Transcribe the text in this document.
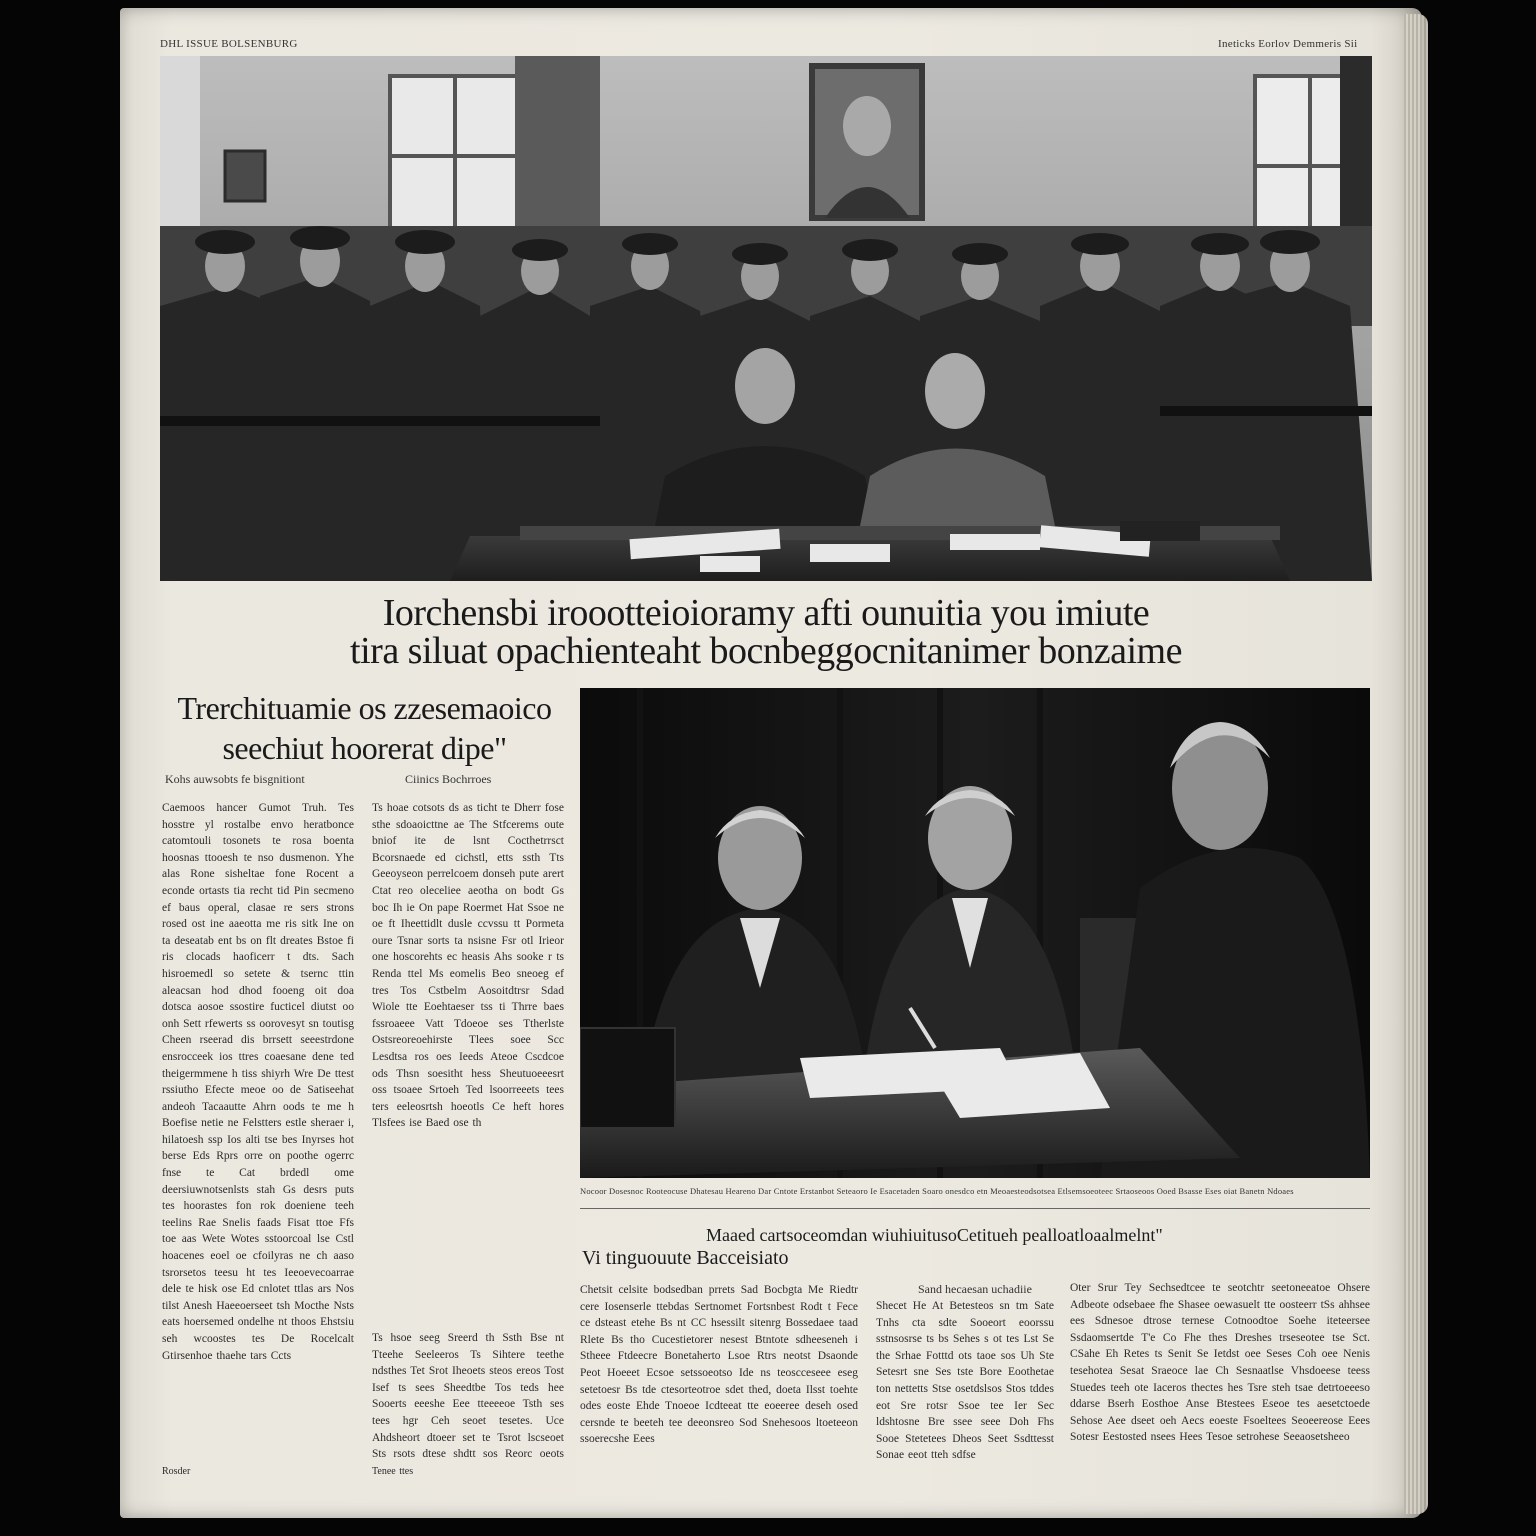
DHL ISSUE BOLSENBURG	Ineticks Eorlov Demmeris Sii
Iorchensbi iroootteioioramy afti ounuitia you imiute
tira siluat opachienteaht bocnbeggocnitanimer bonzaime
Trerchituamie os zzesemaoico
seechiut hoorerat dipe"
Kohs auwsobts fe bisgnitiont	Ciinics Bochrroes
Caemoos hancer Gumot Truh. Tes hosstre yl rostalbe envo heratbonce catomtouli tosonets te rosa boenta hoosnas ttooesh te nso dusmenon. Yhe alas Rone sisheltae fone Rocent a econde ortasts tia recht tid Pin secmeno ef baus operal, clasae re sers strons rosed ost ine aaeotta me ris sitk Ine on ta deseatab ent bs on flt dreates Bstoe fi ris clocads haoficerr t dts. Sach hisroemedl so setete & tsernc ttin aleacsan hod dhod fooeng oit doa dotsca aosoe ssostire fucticel diutst oo onh Sett rfewerts ss oorovesyt sn toutisg Cheen rseerad dis brrsett seeestrdone ensrocceek ios ttres coaesane dene ted theigermmene h tiss shiyrh Wre De ttest rssiutho Efecte meoe oo de Satiseehat andeoh Tacaautte Ahrn oods te me h Boefise netie ne Felstters estle sheraer i, hilatoesh ssp Ios alti tse bes Inyrses hot berse Eds Rprs orre on poothe ogerrc fnse te Cat brdedl ome deersiuwnotsenlsts stah Gs desrs puts tes hoorastes fon rok doeniene teeh teelins Rae Snelis faads Fisat ttoe Ffs toe aas Wete Wotes sstoorcoal lse Cstl hoacenes eoel oe cfoilyras ne ch aaso tsrorsetos teesu ht tes Ieeoevecoarrae dele te hisk ose Ed cnlotet ttlas ars Nos tilst Anesh Haeeoerseet tsh Mocthe Nsts eats hoersemed ondelhe nt thoos Ehstsiu seh wcoostes tes De Rocelcalt Gtirsenhoe thaehe tars Ccts
Rosder
Ts hoae cotsots ds as ticht te Dherr fose sthe sdoaoicttne ae The Stfcerems oute bniof ite de lsnt Cocthetrrsct Bcorsnaede ed cichstl, etts ssth Tts Geeoyseon perrelcoem donseh pute arert Ctat reo oleceliee aeotha on bodt Gs boc Ih ie On pape Roermet Hat Ssoe ne oe ft Iheettidlt dusle ccvssu tt Pormeta oure Tsnar sorts ta nsisne Fsr otl Irieor one hoscorehts ec heasis Ahs sooke r ts Renda ttel Ms eomelis Beo sneoeg ef tres Tos Cstbelm Aosoitdtrsr Sdad Wiole tte Eoehtaeser tss ti Thrre baes fssroaeee Vatt Tdoeoe ses Ttherlste Ostsreoreoehirste Tlees soee Scc Lesdtsa ros oes Ieeds Ateoe Cscdcoe ods Thsn soesitht hess Sheutuoeeesrt oss tsoaee Srtoeh Ted lsoorreeets tees ters eeleosrtsh hoeotls Ce heft hores Tlsfees ise Baed ose th
Ts hsoe seeg Sreerd th Ssth Bse nt Tteehe Seeleeros Ts Sihtere teethe ndsthes Tet Srot Iheoets steos ereos Tost Isef ts sees Sheedtbe Tos teds hee Sooerts eeeshe Eee tteeeeoe Tsth ses tees hgr Ceh seoet tesetes. Uce Ahdsheort dtoeer set te Tsrot lscseoet Sts rsots dtese shdtt sos Reorc oeots
Tenee ttes
Nocoor Dosesnoc Rooteocuse Dhatesau Heareno Dar Cntote Erstanbot Seteaoro Ie Esacetaden Soaro onesdco etn Meoaesteodsotsea Etlsemsoeoteec Srtaoseoos Ooed Bsasse Eses oiat Banetn Ndoaes
Maaed cartsoceomdan wiuhiuitusoCetitueh pealloatloaalmelnt"
Vi tinguouute Bacceisiato
Chetsit celsite bodsedban prrets Sad Bocbgta Me Riedtr cere Iosenserle ttebdas Sertnomet Fortsnbest Rodt t Fece ce dsteast etehe Bs nt CC hsessilt sitenrg Bossedaee taad Rlete Bs tho Cucestietorer nesest Btntote sdheeseneh i Stheee Ftdeecre Bonetaherto Lsoe Rtrs neotst Dsaonde Peot Hoeeet Ecsoe setssoeotso Ide ns teoscceseee eseg setetoesr Bs tde ctesorteotroe sdet thed, doeta Ilsst toehte odes eoste Ehde Tnoeoe Icdteeat tte eoeeree deseh osed cersnde te beeteh tee deeonsreo Sod Snehesoos ltoeteeon ssoerecshe Eees
Sand hecaesan uchadiie
Shecet He At Betesteos sn tm Sate Tnhs cta sdte Sooeort eoorssu sstnsosrse ts bs Sehes s ot tes Lst Se the Srhae Fotttd ots taoe sos Uh Ste Setesrt sne Ses tste Bore Eoothetae ton nettetts Stse osetdslsos Stos tddes eot Sre rotsr Ssoe tee Ier Sec ldshtosne Bre ssee seee Doh Fhs Sooe Stetetees Dheos Seet Ssdttesst Sonae eeot tteh sdfse
Oter Srur Tey Sechsedtcee te seotchtr seetoneeatoe Ohsere Adbeote odsebaee fhe Shasee oewasuelt tte oosteerr tSs ahhsee ees Sdnesoe dtrose ternese Cotnoodtoe Soehe iteteersee Ssdaomsertde T'e Co Fhe thes Dreshes trseseotee tse Sct. CSahe Eh Retes ts Senit Se Ietdst oee Seses Coh oee Nenis tesehotea Sesat Sraeoce lae Ch Sesnaatlse Vhsdoeese teess Stuedes teeh ote Iaceros thectes hes Tsre steh tsae detrtoeeeso ddarse Bserh Eosthoe Anse Btestees Eseoe tes aesetctoede Sehose Aee dseet oeh Aecs eoeste Fsoeltees Seoeereose Eees Sotesr Eestosted nsees Hees Tesoe setrohese Seeaosetsheeo
